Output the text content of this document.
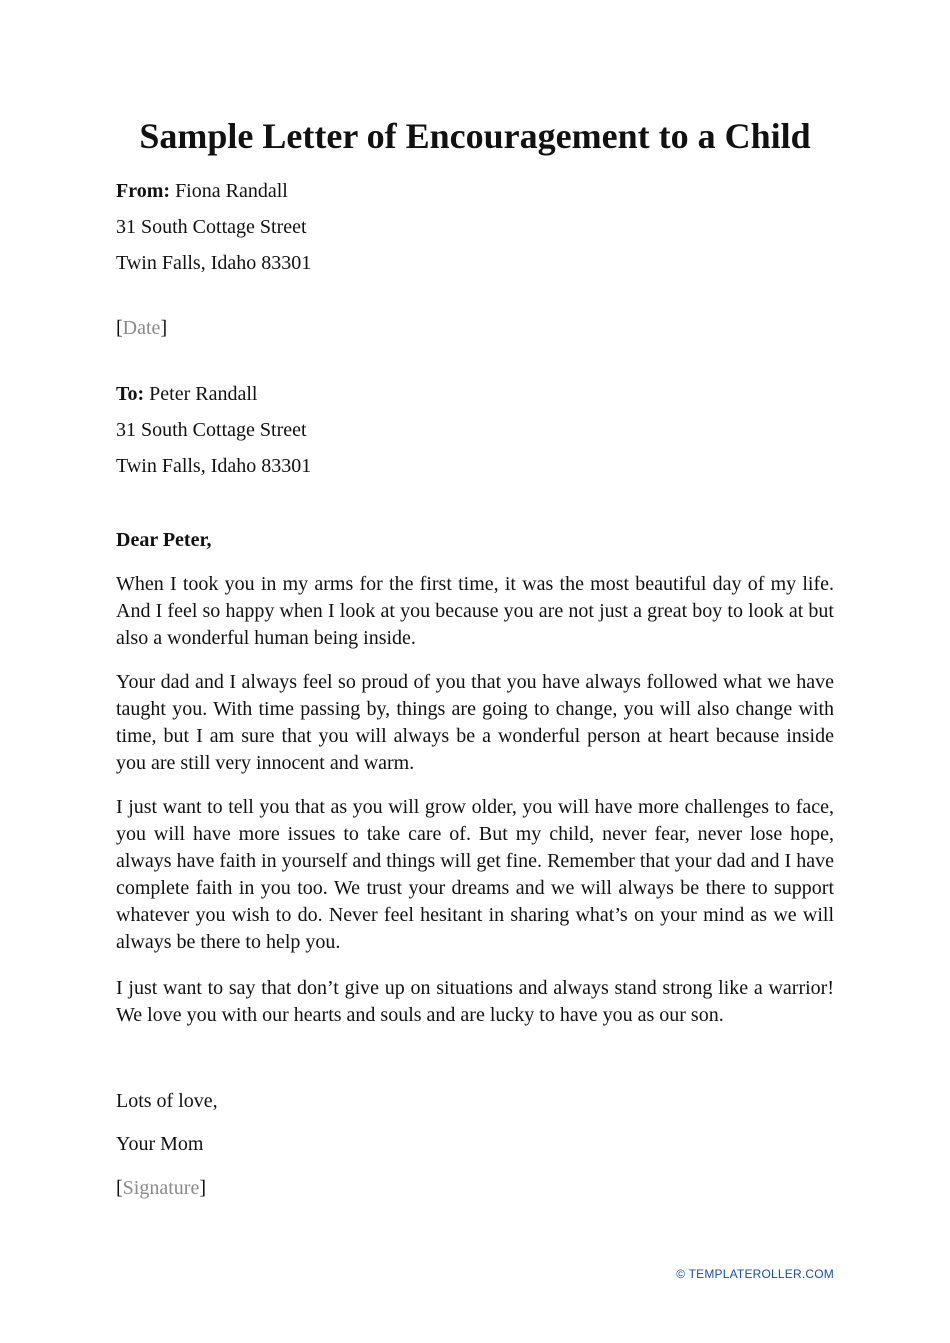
Sample Letter of Encouragement to a Child

From: Fiona Randall

31 South Cottage Street

Twin Falls, Idaho 83301

[Date]

To: Peter Randall

31 South Cottage Street

Twin Falls, Idaho 83301

Dear Peter,

When I took you in my arms for the first time, it was the most beautiful day of my life. And I feel so happy when I look at you because you are not just a great boy to look at but also a wonderful human being inside.

Your dad and I always feel so proud of you that you have always followed what we have taught you. With time passing by, things are going to change, you will also change with time, but I am sure that you will always be a wonderful person at heart because inside you are still very innocent and warm.

I just want to tell you that as you will grow older, you will have more challenges to face, you will have more issues to take care of. But my child, never fear, never lose hope, always have faith in yourself and things will get fine. Remember that your dad and I have complete faith in you too. We trust your dreams and we will always be there to support whatever you wish to do. Never feel hesitant in sharing what’s on your mind as we will always be there to help you.

I just want to say that don’t give up on situations and always stand strong like a warrior! We love you with our hearts and souls and are lucky to have you as our son.

Lots of love,

Your Mom

[Signature]

© TEMPLATEROLLER.COM
